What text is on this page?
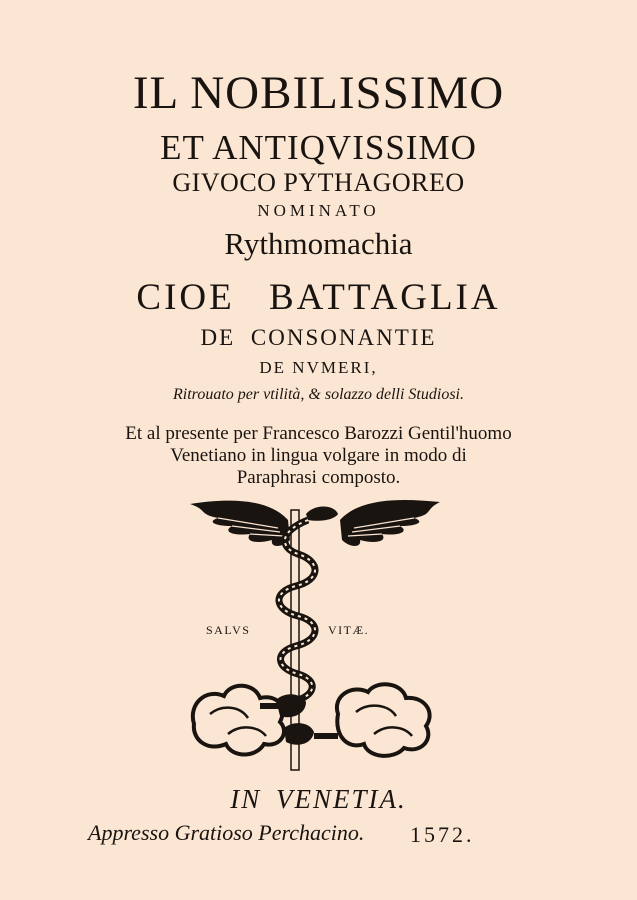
IL NOBILISSIMO

ET ANTIQVISSIMO

GIVOCO PYTHAGOREO

NOMINATO

Rythmomachia

CIOE BATTAGLIA

DE CONSONANTIE

DE NVMERI,

Ritrouato per vtilità, & solazzo delli Studiosi.

Et al presente per Francesco Barozzi Gentil'huomo

Venetiano in lingua volgare in modo di

Paraphrasi composto.

SALVS	VITÆ.

IN VENETIA.

Appresso Gratioso Perchacino. 1572.
